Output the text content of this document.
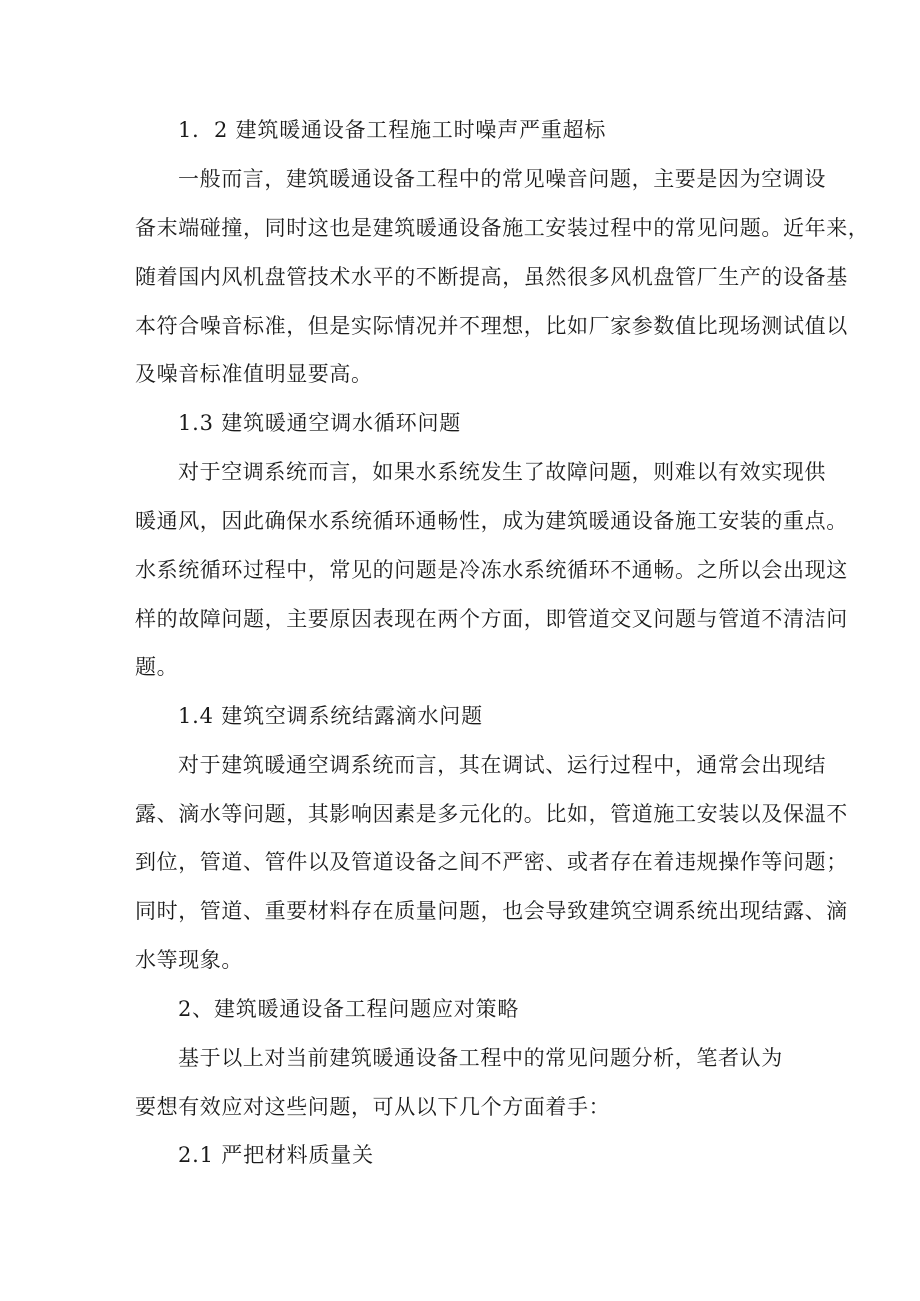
1．2 建筑暖通设备工程施工时噪声严重超标
一般而言，建筑暖通设备工程中的常见噪音问题，主要是因为空调设
备末端碰撞，同时这也是建筑暖通设备施工安装过程中的常见问题。近年来，
随着国内风机盘管技术水平的不断提高，虽然很多风机盘管厂生产的设备基
本符合噪音标准，但是实际情况并不理想，比如厂家参数值比现场测试值以
及噪音标准值明显要高。
1.3 建筑暖通空调水循环问题
对于空调系统而言，如果水系统发生了故障问题，则难以有效实现供
暖通风，因此确保水系统循环通畅性，成为建筑暖通设备施工安装的重点。
水系统循环过程中，常见的问题是冷冻水系统循环不通畅。之所以会出现这
样的故障问题，主要原因表现在两个方面，即管道交叉问题与管道不清洁问
题。
1.4 建筑空调系统结露滴水问题
对于建筑暖通空调系统而言，其在调试、运行过程中，通常会出现结
露、滴水等问题，其影响因素是多元化的。比如，管道施工安装以及保温不
到位，管道、管件以及管道设备之间不严密、或者存在着违规操作等问题；
同时，管道、重要材料存在质量问题，也会导致建筑空调系统出现结露、滴
水等现象。
2、建筑暖通设备工程问题应对策略
基于以上对当前建筑暖通设备工程中的常见问题分析，笔者认为
要想有效应对这些问题，可从以下几个方面着手：
2.1 严把材料质量关
